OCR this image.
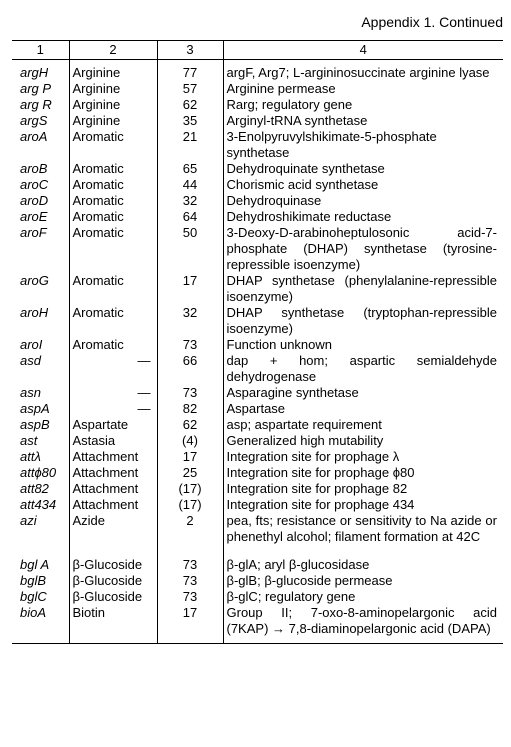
Appendix 1. Continued
1	2	3	4
argH	Arginine	77	argF, Arg7; L-argininosuccinate arginine lyase
arg P	Arginine	57	Arginine permease
arg R	Arginine	62	Rarg; regulatory gene
argS	Arginine	35	Arginyl-tRNA synthetase
aroA	Aromatic	21	3-Enolpyruvylshikimate-5-phosphate synthetase
aroB	Aromatic	65	Dehydroquinate synthetase
aroC	Aromatic	44	Chorismic acid synthetase
aroD	Aromatic	32	Dehydroquinase
aroE	Aromatic	64	Dehydroshikimate reductase
aroF	Aromatic	50	3-Deoxy-D-arabinoheptulosonic acid-7-phosphate (DHAP) synthetase (tyrosine-repressible isoenzyme)
aroG	Aromatic	17	DHAP synthetase (phenylalanine-repressible isoenzyme)
aroH	Aromatic	32	DHAP synthetase (tryptophan-repressible isoenzyme)
aroI	Aromatic	73	Function unknown
asd	—	66	dap + hom; aspartic semialdehyde dehydrogenase
asn	—	73	Asparagine synthetase
aspA	—	82	Aspartase
aspB	Aspartate	62	asp; aspartate requirement
ast	Astasia	(4)	Generalized high mutability
attλ	Attachment	17	Integration site for prophage λ
attϕ80	Attachment	25	Integration site for prophage ϕ80
att82	Attachment	(17)	Integration site for prophage 82
att434	Attachment	(17)	Integration site for prophage 434
azi	Azide	2	pea, fts; resistance or sensitivity to Na azide or phenethyl alcohol; filament formation at 42C
bgl A	β-Glucoside	73	β-glA; aryl β-glucosidase
bglB	β-Glucoside	73	β-glB; β-glucoside permease
bglC	β-Glucoside	73	β-glC; regulatory gene
bioA	Biotin	17	Group II; 7-oxo-8-aminopelargonic acid (7KAP) → 7,8-diaminopelargonic acid (DAPA)
